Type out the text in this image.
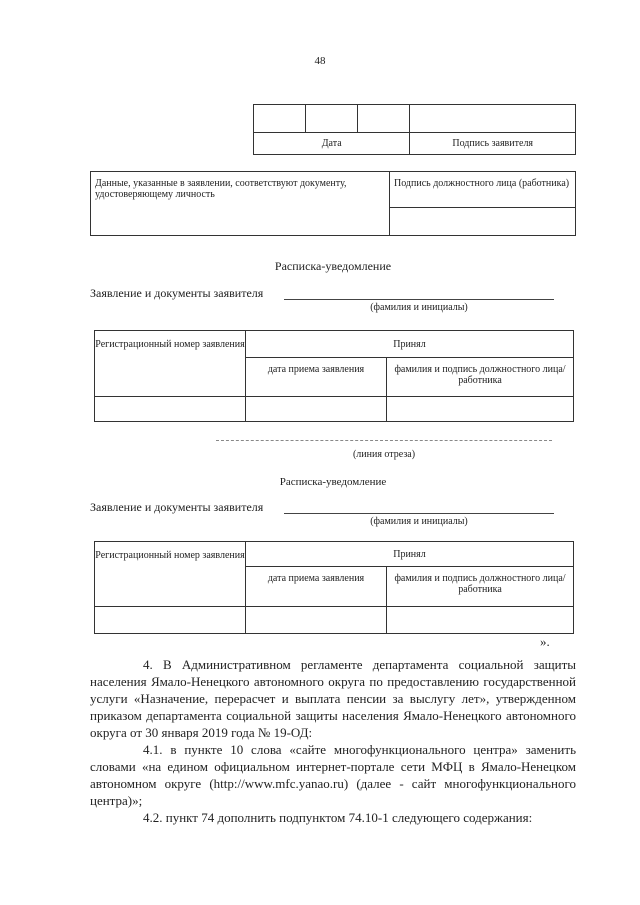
48

Дата			Подпись заявителя
Данные, указанные в заявлении, соответствуют документу, удостоверяющему личность	Подпись должностного лица (работника)

Расписка-уведомление
Заявление и документы заявителя
(фамилия и инициалы)
Регистрационный номер заявления	Принял	
	дата приема заявления	фамилия и подпись должностного лица/работника

(линия отреза)
Расписка-уведомление
Заявление и документы заявителя
(фамилия и инициалы)
Регистрационный номер заявления	Принял	
	дата приема заявления	фамилия и подпись должностного лица/работника

».

4. В Административном регламенте департамента социальной защиты населения Ямало-Ненецкого автономного округа по предоставлению государственной услуги «Назначение, перерасчет и выплата пенсии за выслугу лет», утвержденном приказом департамента социальной защиты населения Ямало-Ненецкого автономного округа от 30 января 2019 года № 19-ОД:

4.1. в пункте 10 слова «сайте многофункционального центра» заменить словами «на едином официальном интернет-портале сети МФЦ в Ямало-Ненецком автономном округе (http://www.mfc.yanao.ru) (далее - сайт многофункционального центра)»;

4.2. пункт 74 дополнить подпунктом 74.10-1 следующего содержания:
